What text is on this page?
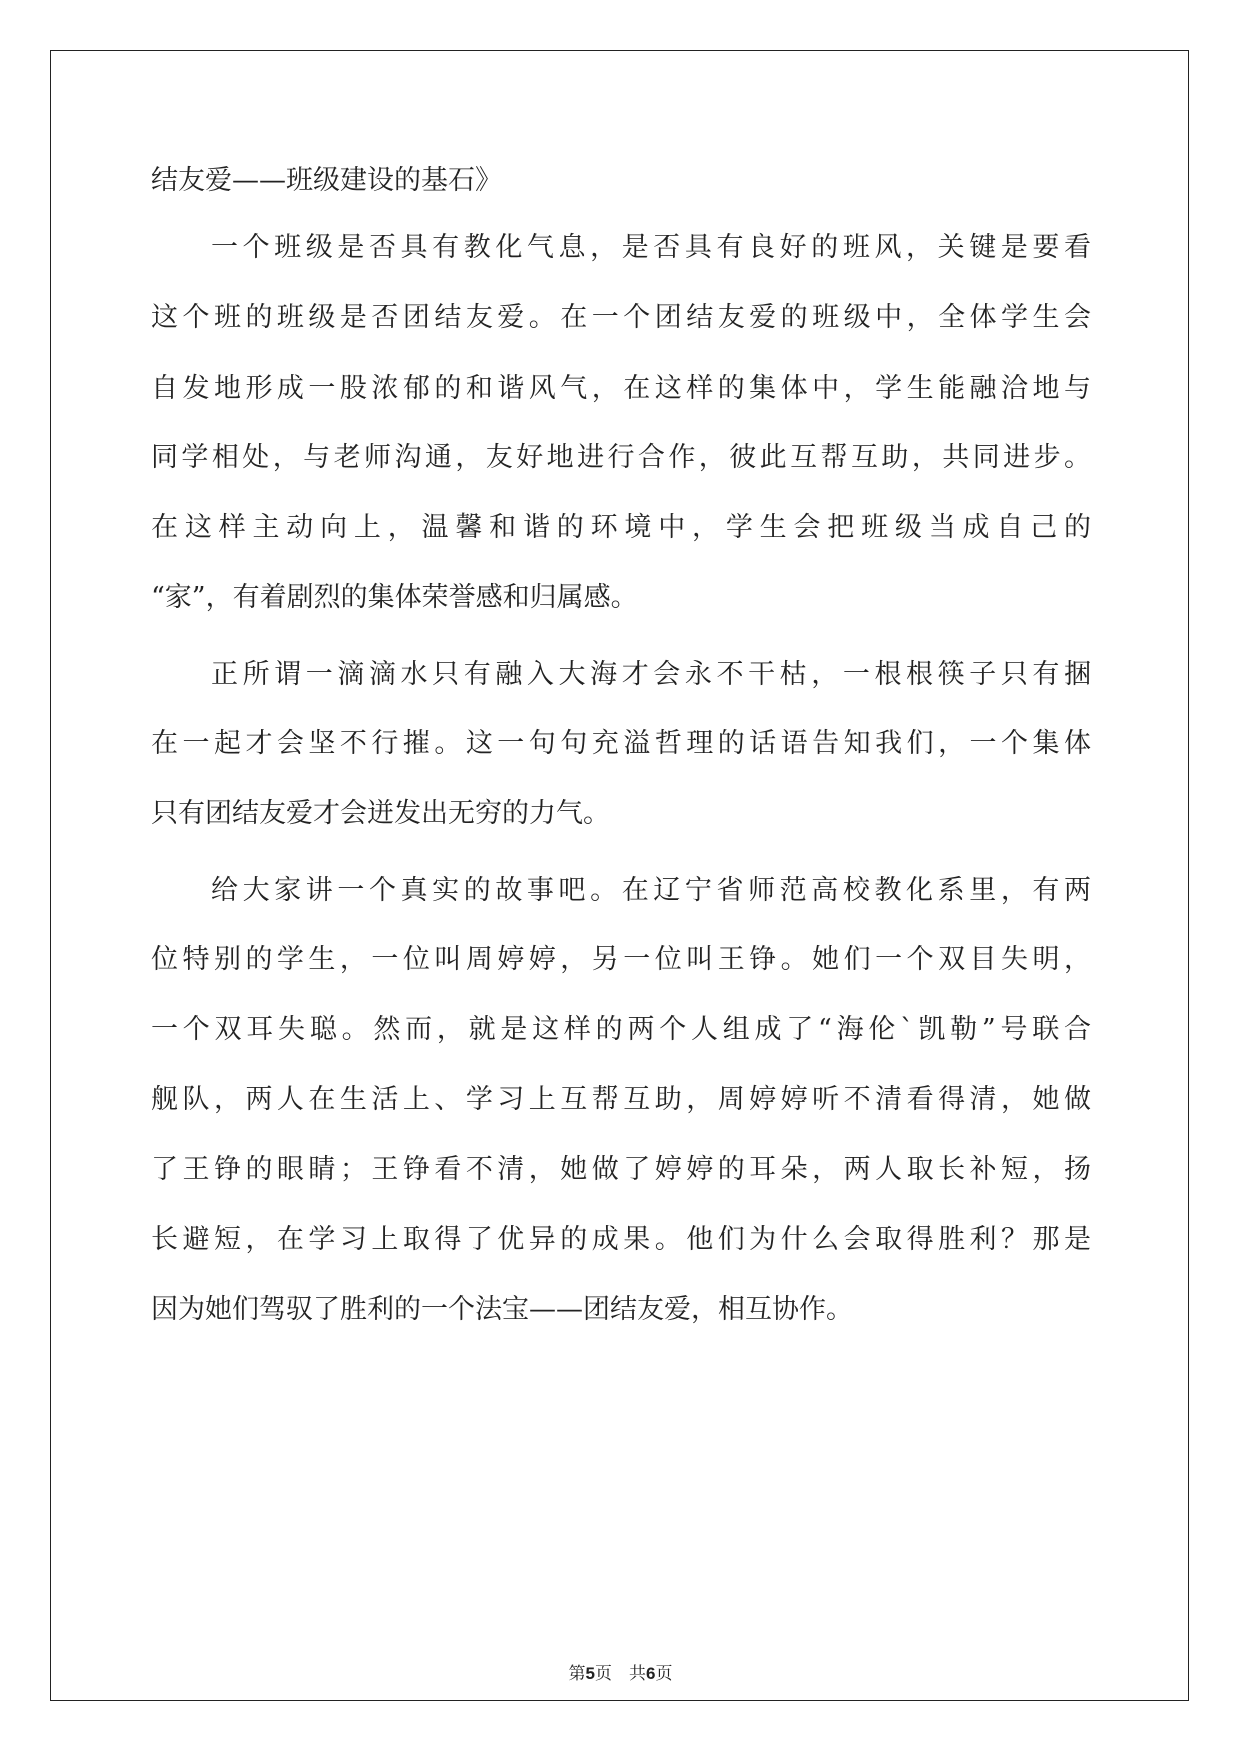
结友爱——班级建设的基石》
一个班级是否具有教化气息，是否具有良好的班风，关键是要看
这个班的班级是否团结友爱。在一个团结友爱的班级中，全体学生会
自发地形成一股浓郁的和谐风气，在这样的集体中，学生能融洽地与
同学相处，与老师沟通，友好地进行合作，彼此互帮互助，共同进步。
在这样主动向上，温馨和谐的环境中，学生会把班级当成自己的
“家”，有着剧烈的集体荣誉感和归属感。
正所谓一滴滴水只有融入大海才会永不干枯，一根根筷子只有捆
在一起才会坚不行摧。这一句句充溢哲理的话语告知我们，一个集体
只有团结友爱才会迸发出无穷的力气。
给大家讲一个真实的故事吧。在辽宁省师范高校教化系里，有两
位特别的学生，一位叫周婷婷，另一位叫王铮。她们一个双目失明，
一个双耳失聪。然而，就是这样的两个人组成了“海伦`凯勒”号联合
舰队，两人在生活上、学习上互帮互助，周婷婷听不清看得清，她做
了王铮的眼睛；王铮看不清，她做了婷婷的耳朵，两人取长补短，扬
长避短，在学习上取得了优异的成果。他们为什么会取得胜利？那是
因为她们驾驭了胜利的一个法宝——团结友爱，相互协作。
第5页　共6页
